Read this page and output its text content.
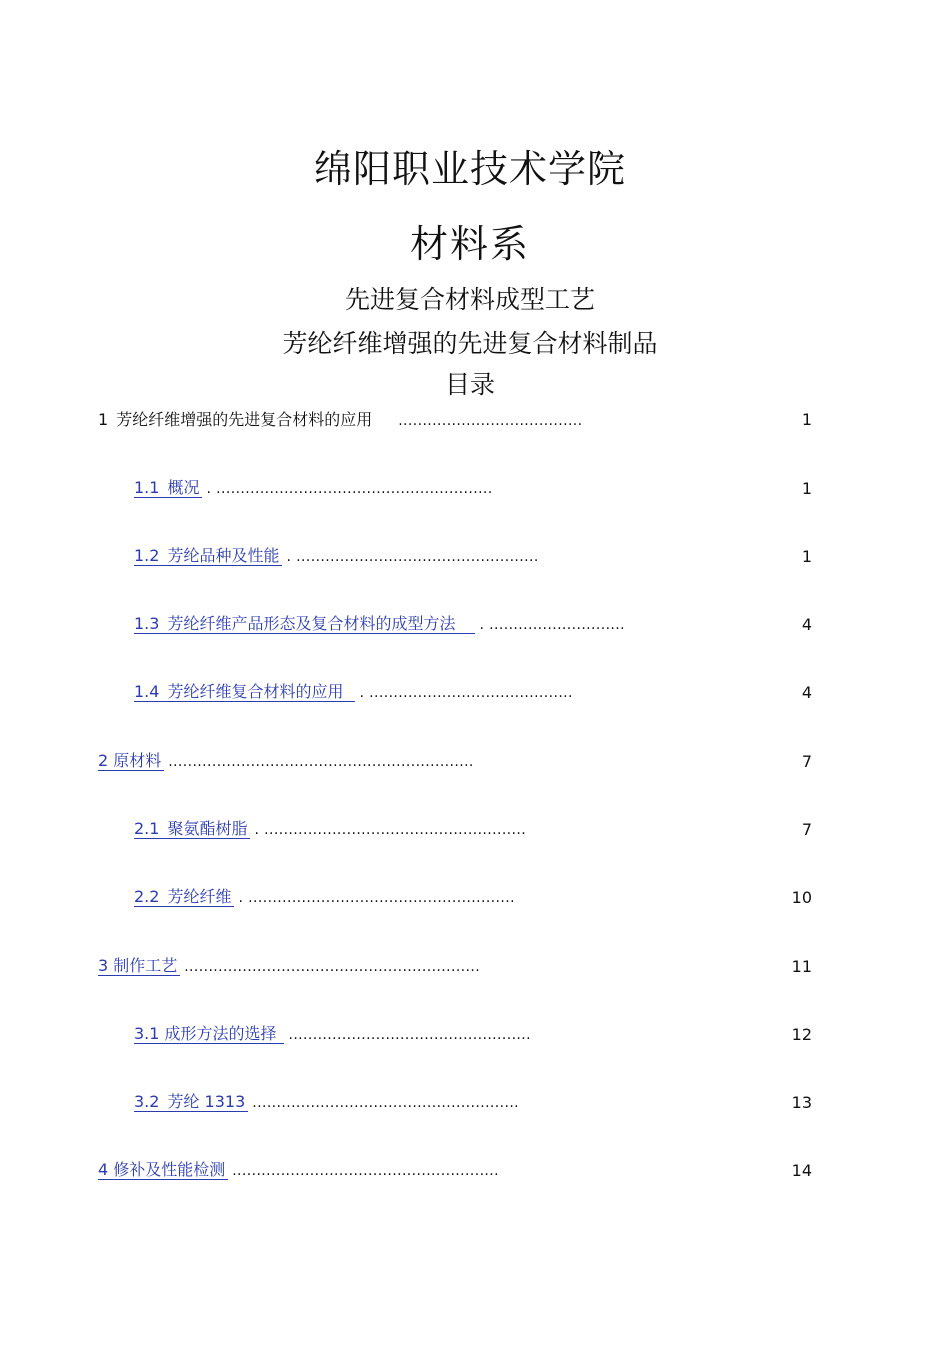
绵阳职业技术学院
材料系
先进复合材料成型工艺
芳纶纤维增强的先进复合材料制品
目录
1 芳纶纤维增强的先进复合材料的应用 ......................................	1
1.1 概况 . .........................................................	1
1.2 芳纶品种及性能 . ..................................................	1
1.3 芳纶纤维产品形态及复合材料的成型方法	. ............................	4
1.4 芳纶纤维复合材料的应用	. ..........................................	4
2 原材料 ...............................................................	7
2.1 聚氨酯树脂 . ......................................................	7
2.2 芳纶纤维 . .......................................................	10
3 制作工艺 .............................................................	11
3.1 成形方法的选择 ..................................................	12
3.2 芳纶 1313 .......................................................	13
4 修补及性能检测 .......................................................	14
